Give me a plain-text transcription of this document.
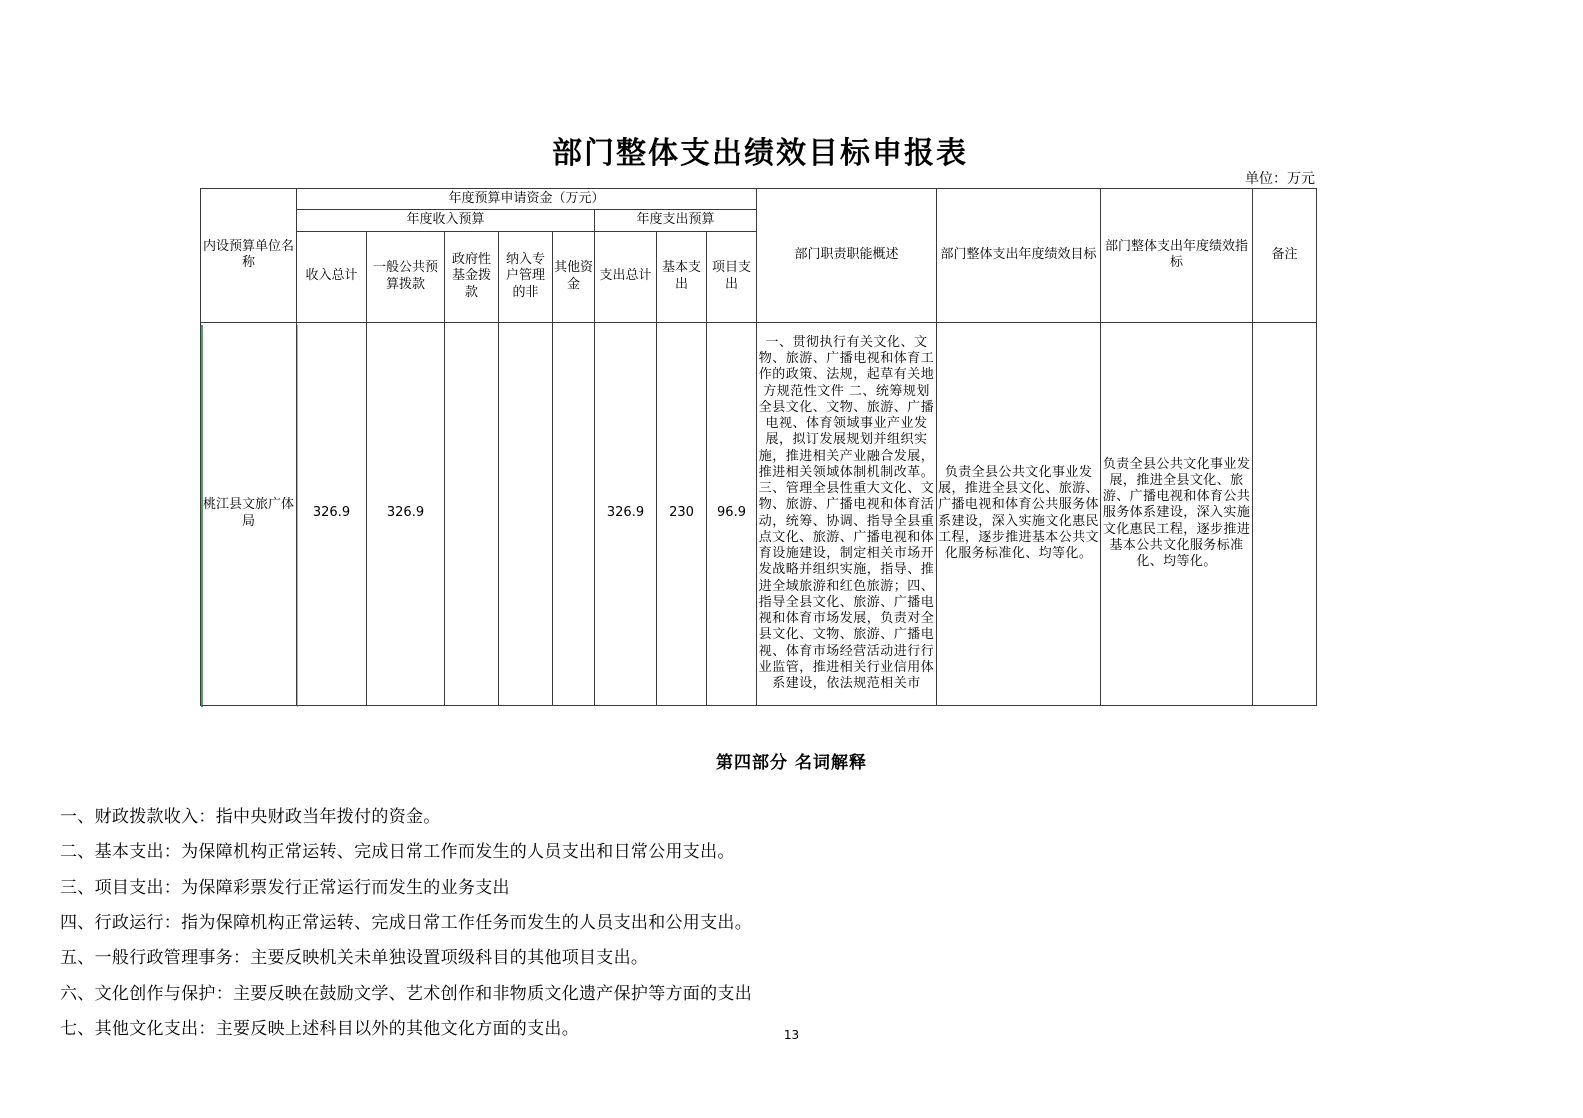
部门整体支出绩效目标申报表
单位：万元
内设预算单位名称	年度预算申请资金（万元）								部门职责职能概述	部门整体支出年度绩效目标	部门整体支出年度绩效指标	备注
	年度收入预算					年度支出预算						
	收入总计	一般公共预算拨款	政府性基金拨款	纳入专户管理的非	其他资金	支出总计	基本支出	项目支出				
桃江县文旅广体局	326.9	326.9				326.9	230	96.9	一、贯彻执行有关文化、文物、旅游、广播电视和体育工作的政策、法规，起草有关地方规范性文件 二、统筹规划全县文化、文物、旅游、广播电视、体育领域事业产业发展，拟订发展规划并组织实施，推进相关产业融合发展，推进相关领域体制机制改革。三、管理全县性重大文化、文物、旅游、广播电视和体育活动，统筹、协调、指导全县重点文化、旅游、广播电视和体育设施建设，制定相关市场开发战略并组织实施，指导、推进全域旅游和红色旅游；四、指导全县文化、旅游、广播电视和体育市场发展，负责对全县文化、文物、旅游、广播电视、体育市场经营活动进行行业监管，推进相关行业信用体系建设，依法规范相关市	负责全县公共文化事业发展，推进全县文化、旅游、广播电视和体育公共服务体系建设，深入实施文化惠民工程，逐步推进基本公共文化服务标准化、均等化。	负责全县公共文化事业发展，推进全县文化、旅游、广播电视和体育公共服务体系建设，深入实施文化惠民工程，逐步推进基本公共文化服务标准化、均等化。	
第四部分 名词解释
一、财政拨款收入：指中央财政当年拨付的资金。
二、基本支出：为保障机构正常运转、完成日常工作而发生的人员支出和日常公用支出。
三、项目支出：为保障彩票发行正常运行而发生的业务支出
四、行政运行：指为保障机构正常运转、完成日常工作任务而发生的人员支出和公用支出。
五、一般行政管理事务：主要反映机关未单独设置项级科目的其他项目支出。
六、文化创作与保护：主要反映在鼓励文学、艺术创作和非物质文化遗产保护等方面的支出
七、其他文化支出：主要反映上述科目以外的其他文化方面的支出。	13
